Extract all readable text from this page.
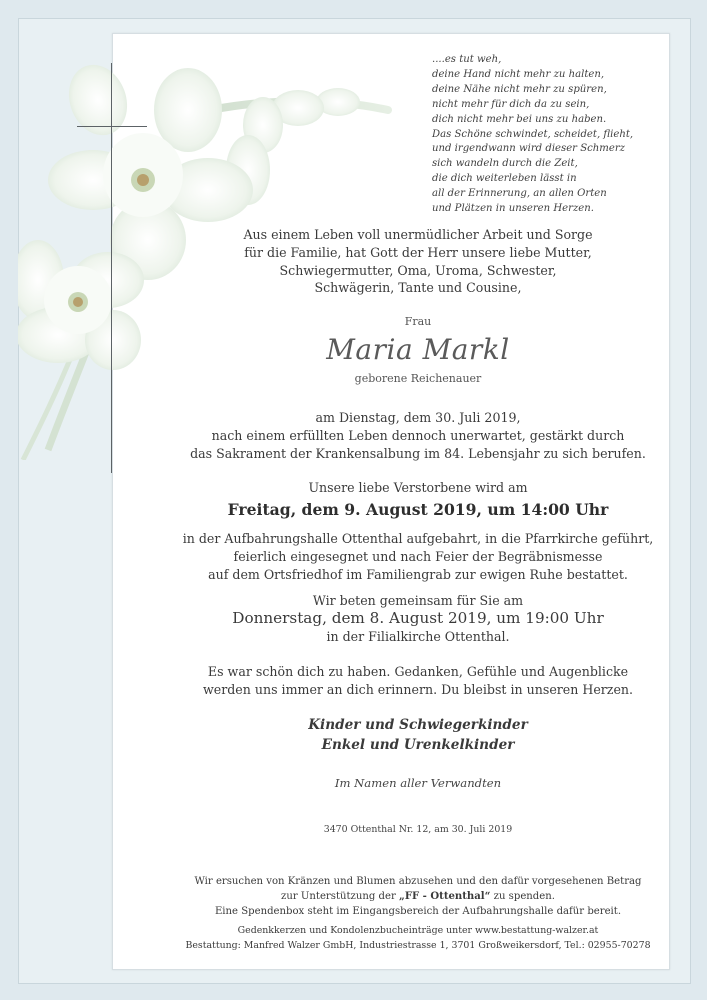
....es tut weh,
deine Hand nicht mehr zu halten,
deine Nähe nicht mehr zu spüren,
nicht mehr für dich da zu sein,
dich nicht mehr bei uns zu haben.
Das Schöne schwindet, scheidet, flieht,
und irgendwann wird dieser Schmerz
sich wandeln durch die Zeit,
die dich weiterleben lässt in
all der Erinnerung, an allen Orten
und Plätzen in unseren Herzen.
Aus einem Leben voll unermüdlicher Arbeit und Sorge
für die Familie, hat Gott der Herr unsere liebe Mutter,
Schwiegermutter, Oma, Uroma, Schwester,
Schwägerin, Tante und Cousine,
Frau
Maria Markl
geborene Reichenauer
am Dienstag, dem 30. Juli 2019,
nach einem erfüllten Leben dennoch unerwartet, gestärkt durch
das Sakrament der Krankensalbung im 84. Lebensjahr zu sich berufen.
Unsere liebe Verstorbene wird am
Freitag, dem 9. August 2019, um 14:00 Uhr
in der Aufbahrungshalle Ottenthal aufgebahrt, in die Pfarrkirche geführt,
feierlich eingesegnet und nach Feier der Begräbnismesse
auf dem Ortsfriedhof im Familiengrab zur ewigen Ruhe bestattet.
Wir beten gemeinsam für Sie am
Donnerstag, dem 8. August 2019, um 19:00 Uhr
in der Filialkirche Ottenthal.
Es war schön dich zu haben. Gedanken, Gefühle und Augenblicke
werden uns immer an dich erinnern. Du bleibst in unseren Herzen.
Kinder und Schwiegerkinder
Enkel und Urenkelkinder
Im Namen aller Verwandten
3470 Ottenthal Nr. 12, am 30. Juli 2019
Wir ersuchen von Kränzen und Blumen abzusehen und den dafür vorgesehenen Betrag
zur Unterstützung der „FF - Ottenthal“ zu spenden.
Eine Spendenbox steht im Eingangsbereich der Aufbahrungshalle dafür bereit.
Gedenkkerzen und Kondolenzbucheinträge unter www.bestattung-walzer.at
Bestattung: Manfred Walzer GmbH, Industriestrasse 1, 3701 Großweikersdorf, Tel.: 02955-70278
